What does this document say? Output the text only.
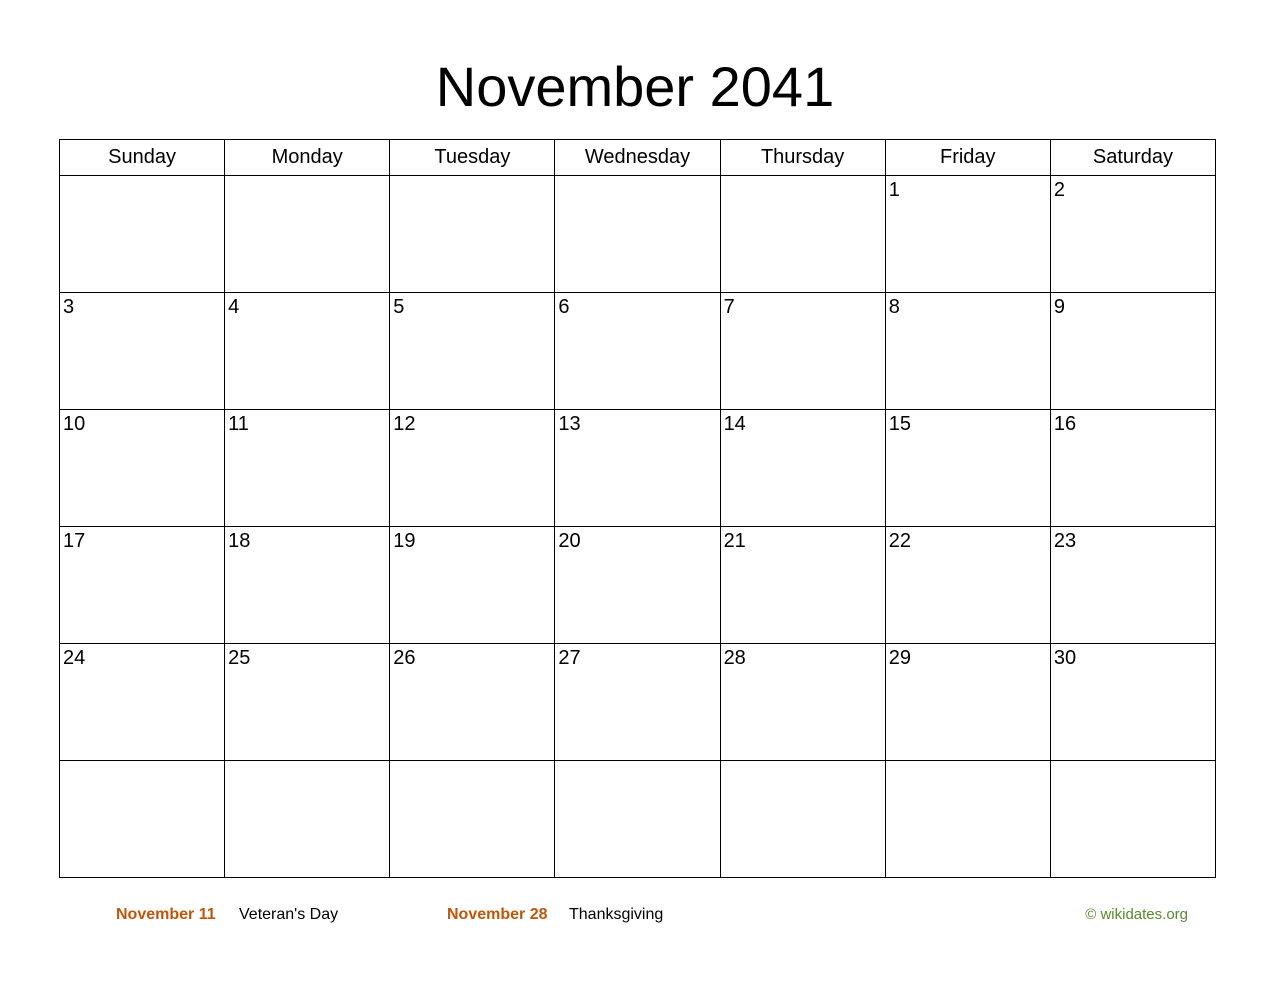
November 2041
Sunday	Monday	Tuesday	Wednesday	Thursday	Friday	Saturday

					1	2

3	4	5	6	7	8	9

10	11	12	13	14	15	16

17	18	19	20	21	22	23

24	25	26	27	28	29	30

November 11 Veteran's Day	November 28 Thanksgiving	© wikidates.org
